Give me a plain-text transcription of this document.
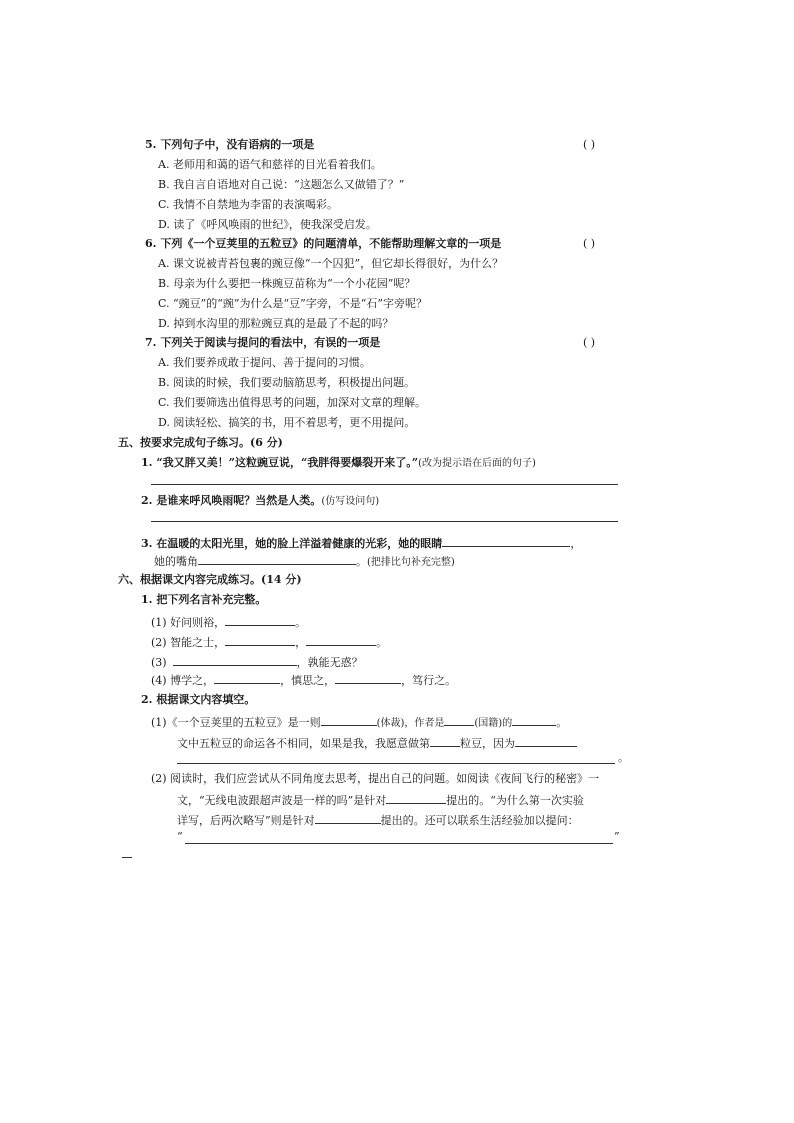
5. 下列句子中，没有语病的一项是	( )
A. 老师用和蔼的语气和慈祥的目光看着我们。
B. 我自言自语地对自己说：“这题怎么又做错了？”
C. 我情不自禁地为李雷的表演喝彩。
D. 读了《呼风唤雨的世纪》，使我深受启发。
6. 下列《一个豆荚里的五粒豆》的问题清单，不能帮助理解文章的一项是	( )
A. 课文说被青苔包裹的豌豆像“一个囚犯”，但它却长得很好，为什么？
B. 母亲为什么要把一株豌豆苗称为“一个小花园”呢？
C. “豌豆”的“豌”为什么是“豆”字旁，不是“石”字旁呢？
D. 掉到水沟里的那粒豌豆真的是最了不起的吗？
7. 下列关于阅读与提问的看法中，有误的一项是	( )
A. 我们要养成敢于提问、善于提问的习惯。
B. 阅读的时候，我们要动脑筋思考，积极提出问题。
C. 我们要筛选出值得思考的问题，加深对文章的理解。
D. 阅读轻松、搞笑的书，用不着思考，更不用提问。
五、按要求完成句子练习。(6 分)
1. “我又胖又美！”这粒豌豆说，“我胖得要爆裂开来了。”(改为提示语在后面的句子)
2. 是谁来呼风唤雨呢？当然是人类。(仿写设问句)
3. 在温暖的太阳光里，她的脸上洋溢着健康的光彩，她的眼睛	，
她的嘴角	。(把排比句补充完整)
六、根据课文内容完成练习。(14 分)
1. 把下列名言补充完整。
(1) 好问则裕，	。
(2) 智能之士，	，	。
(3)	，孰能无惑？
(4) 博学之，	，慎思之，	，笃行之。
2. 根据课文内容填空。
(1)《一个豆荚里的五粒豆》是一则	(体裁)，作者是	(国籍)的	。
文中五粒豆的命运各不相同，如果是我，我愿意做第	粒豆，因为
。
(2) 阅读时，我们应尝试从不同角度去思考，提出自己的问题。如阅读《夜间飞行的秘密》一
文，“无线电波跟超声波是一样的吗”是针对	提出的。“为什么第一次实验
详写，后两次略写”则是针对	提出的。还可以联系生活经验加以提问：
“	”
